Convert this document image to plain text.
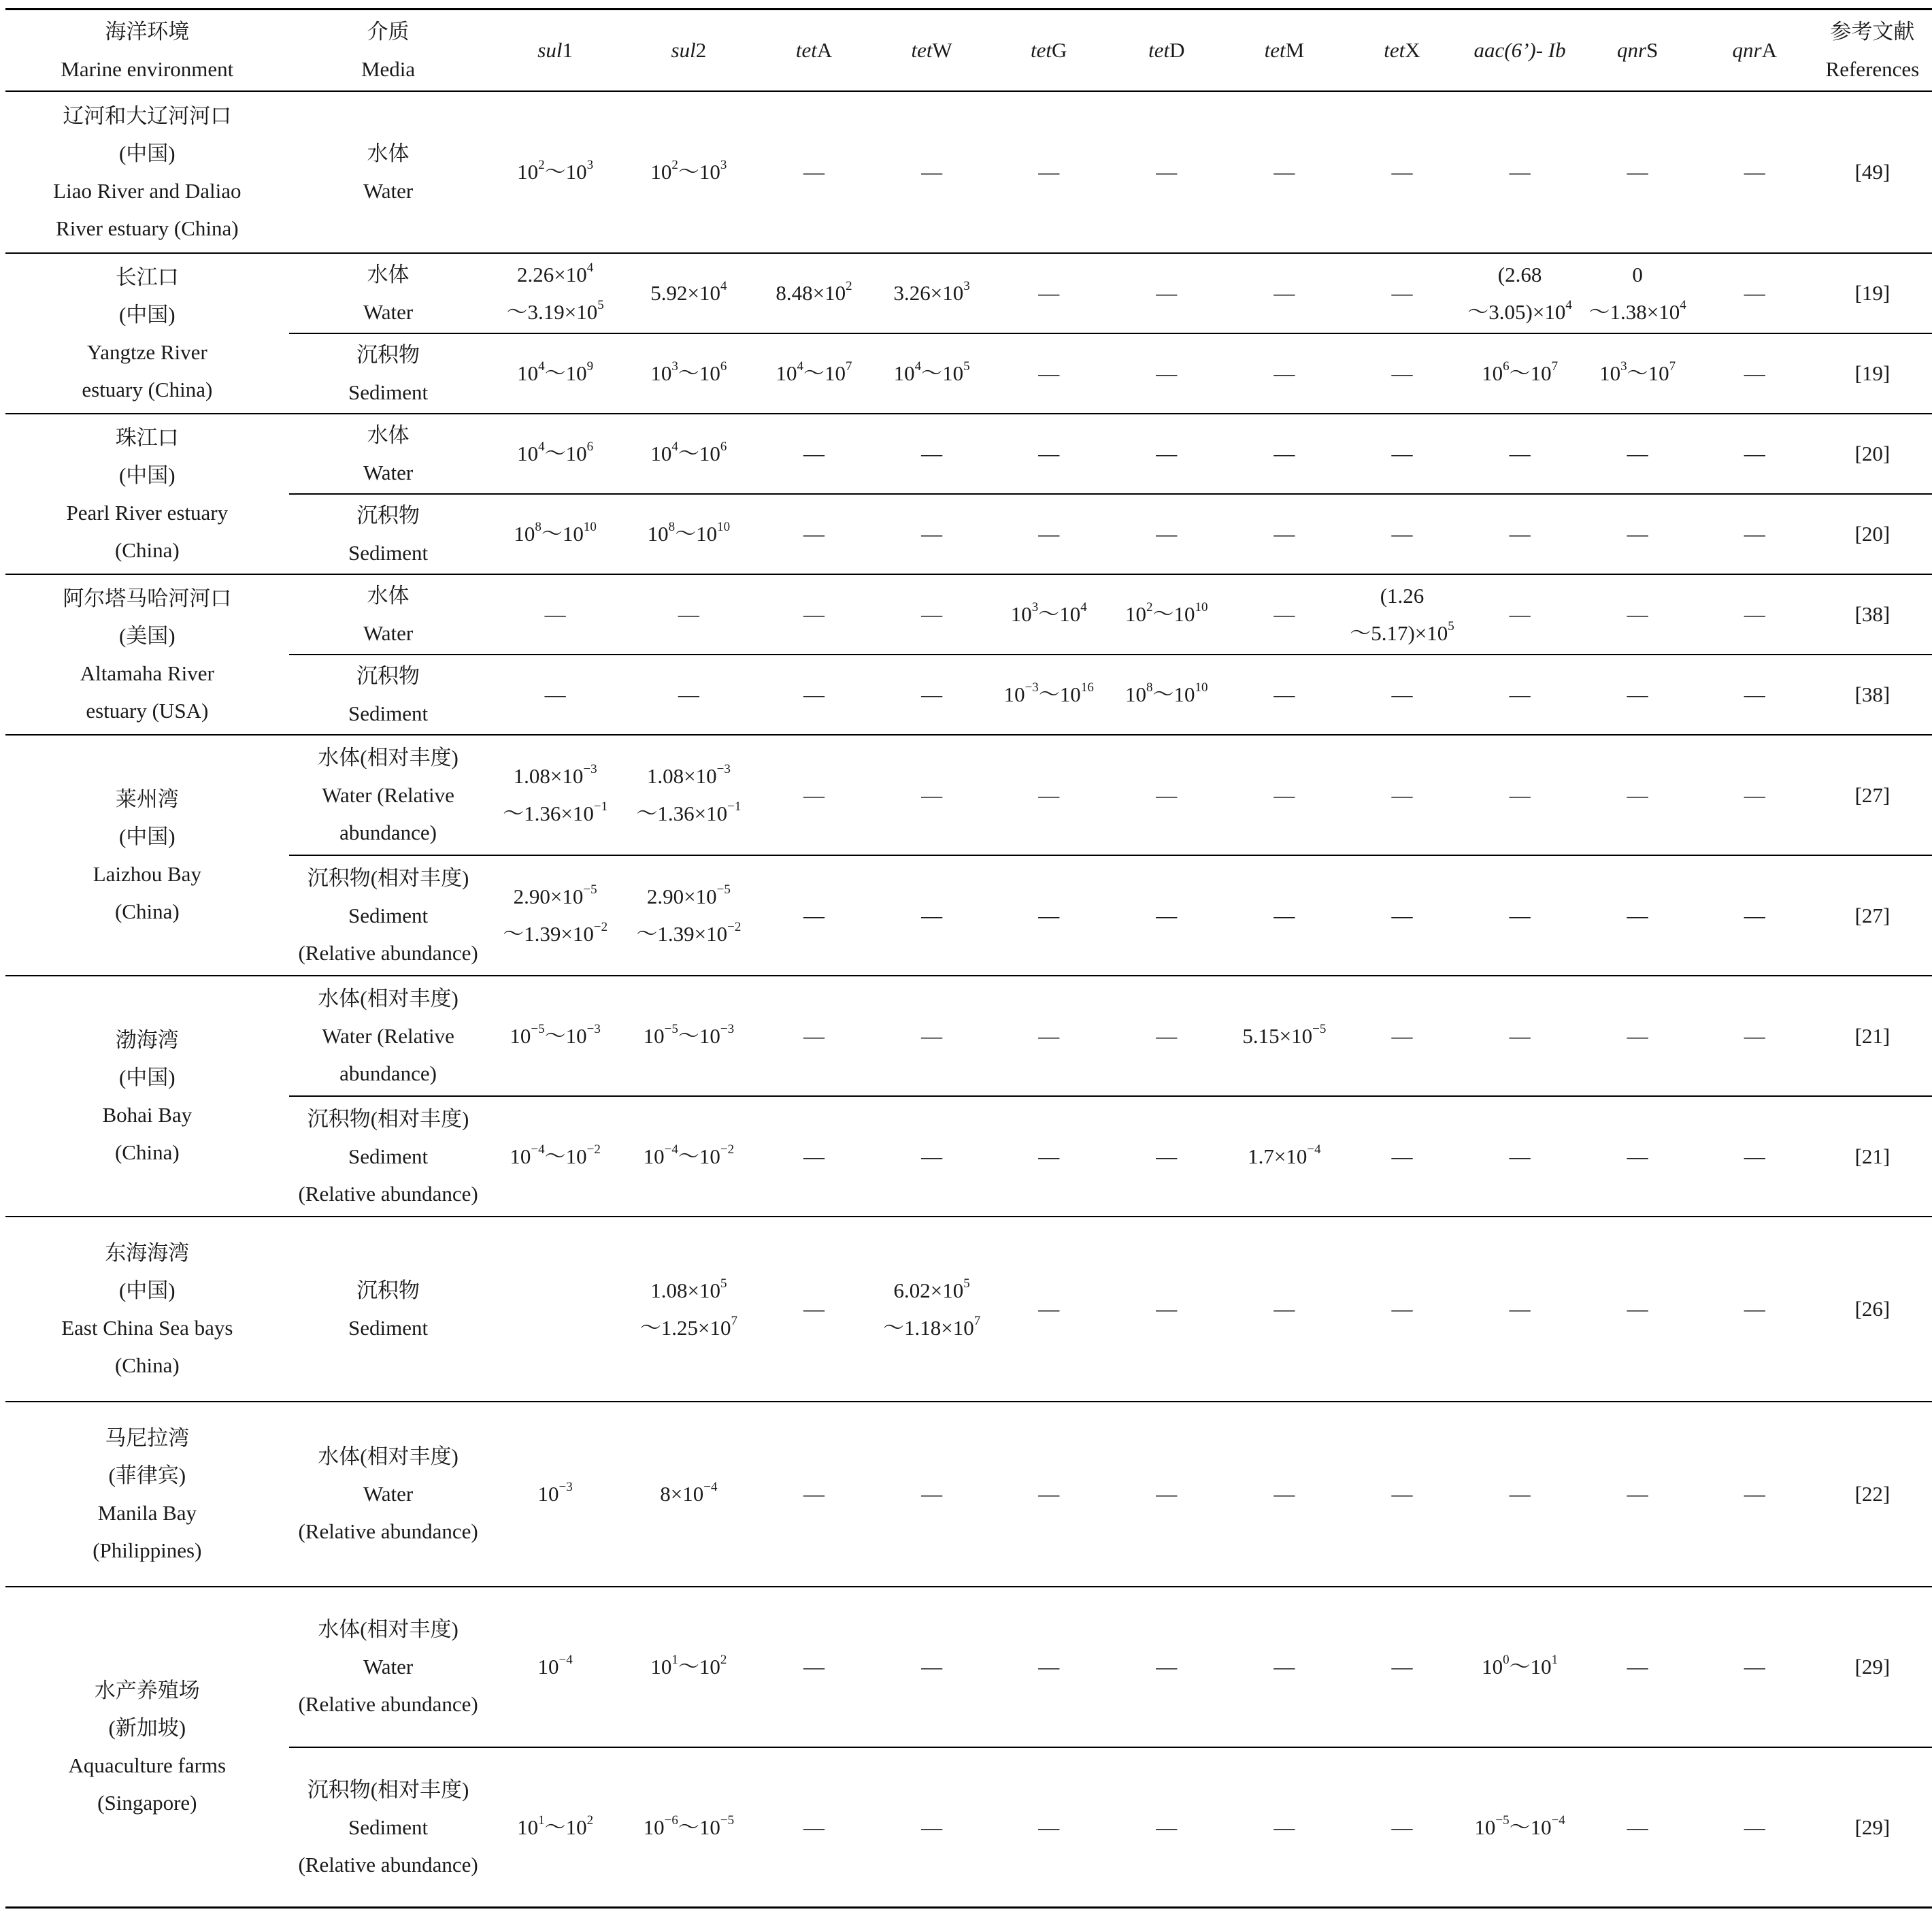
海洋环境
Marine environment	介质
Media	sul1	sul2	tetA	tetW	tetG	tetD	tetM	tetX	aac(6’)- Ib	qnrS	qnrA	参考文献
References

辽河和大辽河河口
(中国)
Liao River and Daliao
River estuary (China)	水体
Water	$10^2\sim 10^3$	$10^2\sim 10^3$	—	—	—	—	—	—	—	—	—	[49]

长江口
(中国)
Yangtze River
estuary (China)	水体
Water	$2.26\times 10^4$
$\sim 3.19\times 10^5$	$5.92\times 10^4$	$8.48\times 10^2$	$3.26\times 10^3$	—	—	—	—	(2.68
$\sim 3.05)\times 10^4$	0
$\sim 1.38\times 10^4$	—	[19]

	沉积物
Sediment	$10^4\sim 10^9$	$10^3\sim 10^6$	$10^4\sim 10^7$	$10^4\sim 10^5$	—	—	—	—	$10^6\sim 10^7$	$10^3\sim 10^7$	—	[19]

珠江口
(中国)
Pearl River estuary
(China)	水体
Water	$10^4\sim 10^6$	$10^4\sim 10^6$	—	—	—	—	—	—	—	—	—	[20]

	沉积物
Sediment	$10^8\sim 10^{10}$	$10^8\sim 10^{10}$	—	—	—	—	—	—	—	—	—	[20]

阿尔塔马哈河河口
(美国)
Altamaha River
estuary (USA)	水体
Water	—	—	—	—	$10^3\sim 10^4$	$10^2\sim 10^{10}$	—	(1.26
$\sim 5.17)\times 10^5$	—	—	—	[38]

	沉积物
Sediment	—	—	—	—	$10^{-3}\sim 10^{16}$	$10^8\sim 10^{10}$	—	—	—	—	—	[38]

莱州湾
(中国)
Laizhou Bay
(China)	水体(相对丰度)
Water (Relative
abundance)	$1.08\times 10^{-3}$
$\sim 1.36\times 10^{-1}$	$1.08\times 10^{-3}$
$\sim 1.36\times 10^{-1}$	—	—	—	—	—	—	—	—	—	[27]

	沉积物(相对丰度)
Sediment
(Relative abundance)	$2.90\times 10^{-5}$
$\sim 1.39\times 10^{-2}$	$2.90\times 10^{-5}$
$\sim 1.39\times 10^{-2}$	—	—	—	—	—	—	—	—	—	[27]

渤海湾
(中国)
Bohai Bay
(China)	水体(相对丰度)
Water (Relative
abundance)	$10^{-5}\sim 10^{-3}$	$10^{-5}\sim 10^{-3}$	—	—	—	—	$5.15\times 10^{-5}$	—	—	—	—	[21]

	沉积物(相对丰度)
Sediment
(Relative abundance)	$10^{-4}\sim 10^{-2}$	$10^{-4}\sim 10^{-2}$	—	—	—	—	$1.7\times 10^{-4}$	—	—	—	—	[21]

东海海湾
(中国)
East China Sea bays
(China)	沉积物
Sediment		$1.08\times 10^5$
$\sim 1.25\times 10^7$	—	$6.02\times 10^5$
$\sim 1.18\times 10^7$	—	—	—	—	—	—	—	[26]

马尼拉湾
(菲律宾)
Manila Bay
(Philippines)	水体(相对丰度)
Water
(Relative abundance)	$10^{-3}$	$8\times 10^{-4}$	—	—	—	—	—	—	—	—	—	[22]

水产养殖场
(新加坡)
Aquaculture farms
(Singapore)	水体(相对丰度)
Water
(Relative abundance)	$10^{-4}$	$10^1\sim 10^2$	—	—	—	—	—	—	$10^0\sim 10^1$	—	—	[29]

	沉积物(相对丰度)
Sediment
(Relative abundance)	$10^1\sim 10^2$	$10^{-6}\sim 10^{-5}$	—	—	—	—	—	—	$10^{-5}\sim 10^{-4}$	—	—	[29]
